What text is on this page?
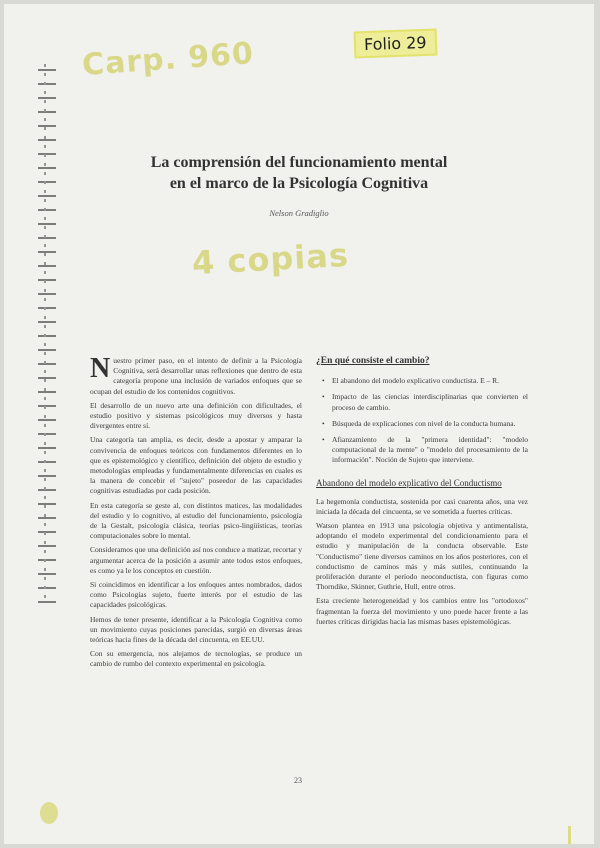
Carp. 960	Folio 29
La comprensión del funcionamiento mental
en el marco de la Psicología Cognitiva
Nelson Gradiglio
4 copias

Nuestro primer paso, en el intento de definir a la Psicología Cognitiva, será desarrollar unas reflexiones que dentro de esta categoría propone una inclusión de variados enfoques que se ocupan del estudio de los contenidos cognitivos.

El desarrollo de un nuevo arte una definición con dificultades, el estudio positivo y sistemas psicológicos muy diversos y hasta divergentes entre sí.

Una categoría tan amplia, es decir, desde a apostar y amparar la convivencia de enfoques teóricos con fundamentos diferentes en lo que es epistemológico y científico, definición del objeto de estudio y metodologías empleadas y fundamentalmente diferencias en cuales es la manera de concebir el "sujeto" poseedor de las capacidades cognitivas estudiadas por cada posición.

En esta categoría se geste al, con distintos matices, las modalidades del estudio y lo cognitivo, al estudio del funcionamiento, psicología de la Gestalt, psicología clásica, teorías psico-lingüísticas, teorías computacionales sobre lo mental.

Consideramos que una definición así nos conduce a matizar, recortar y argumentar acerca de la posición a asumir ante todos estos enfoques, es como ya le los conceptos en cuestión.

Si coincidimos en identificar a los enfoques antes nombrados, dados como Psicologías sujeto, fuerte interés por el estudio de las capacidades psicológicas.

Hemos de tener presente, identificar a la Psicología Cognitiva como un movimiento cuyas posiciones parecidas, surgió en diversas áreas teóricas hacia fines de la década del cincuenta, en EE.UU.

Con su emergencia, nos alejamos de tecnologías, se produce un cambio de rumbo del contexto experimental en psicología.

¿En qué consiste el cambio?
• El abandono del modelo explicativo conductista. E – R.
• Impacto de las ciencias interdisciplinarias que convierten el proceso de cambio.
• Búsqueda de explicaciones con nivel de la conducta humana.
• Afianzamiento de la "primera identidad": "modelo computacional de la mente" o "modelo del procesamiento de la información". Noción de Sujeto que interviene.
Abandono del modelo explicativo del Conductismo

La hegemonía conductista, sostenida por casi cuarenta años, una vez iniciada la década del cincuenta, se ve sometida a fuertes críticas.

Watson plantea en 1913 una psicología objetiva y antimentalista, adoptando el modelo experimental del condicionamiento para el estudio y manipulación de la conducta observable. Este "Conductismo" tiene diversos caminos en los años posteriores, con el conductismo de caminos más y más sutiles, continuando la proliferación durante el período neoconductista, con figuras como Thorndike, Skinner, Guthrie, Hull, entre otros.

Esta creciente heterogeneidad y los cambios entre los "ortodoxos" fragmentan la fuerza del movimiento y uno puede hacer frente a las fuertes críticas dirigidas hacia las mismas bases epistemológicas.

23
